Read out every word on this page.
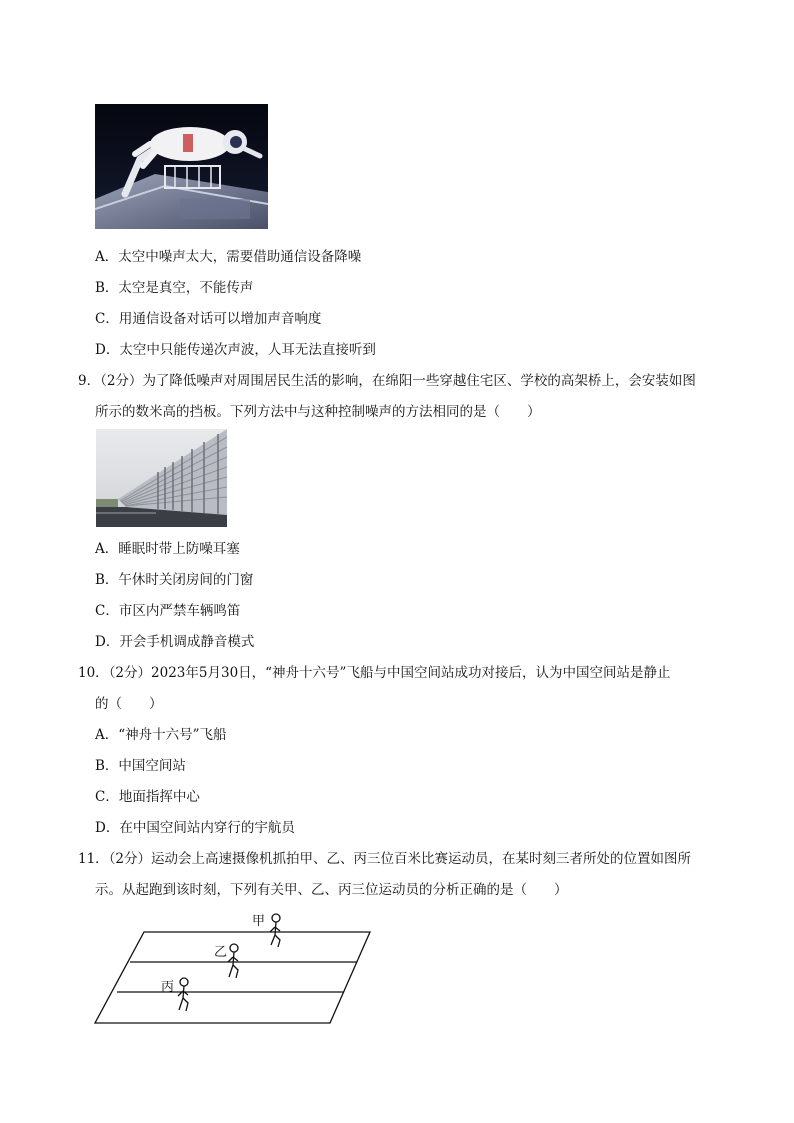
A．太空中噪声太大，需要借助通信设备降噪
B．太空是真空，不能传声
C．用通信设备对话可以增加声音响度
D．太空中只能传递次声波，人耳无法直接听到
9．（2分）为了降低噪声对周围居民生活的影响，在绵阳一些穿越住宅区、学校的高架桥上，会安装如图
所示的数米高的挡板。下列方法中与这种控制噪声的方法相同的是（　　）
A．睡眠时带上防噪耳塞
B．午休时关闭房间的门窗
C．市区内严禁车辆鸣笛
D．开会手机调成静音模式
10．（2分）2023年5月30日，“神舟十六号”飞船与中国空间站成功对接后，认为中国空间站是静止
的（　　）
A．“神舟十六号”飞船
B．中国空间站
C．地面指挥中心
D．在中国空间站内穿行的宇航员
11．（2分）运动会上高速摄像机抓拍甲、乙、丙三位百米比赛运动员，在某时刻三者所处的位置如图所
示。从起跑到该时刻，下列有关甲、乙、丙三位运动员的分析正确的是（　　）
甲
乙
丙
